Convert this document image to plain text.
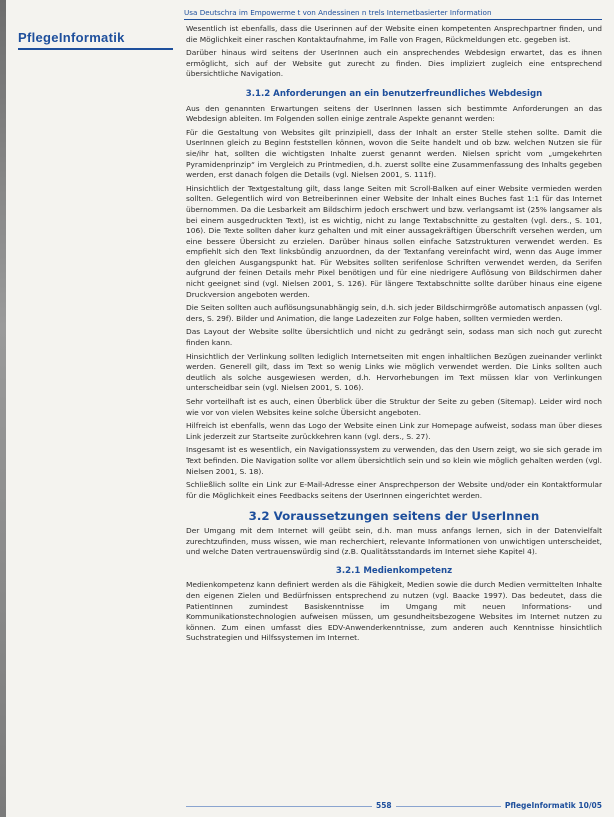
PflegeInformatik
Usa Deutschra im Empowerme t von Andessinen n trels Internetbasierter Information

Wesentlich ist ebenfalls, dass die Userinnen auf der Website einen kompetenten Ansprechpartner finden, und die Möglichkeit einer raschen Kontaktaufnahme, im Falle von Fragen, Rückmeldungen etc. gegeben ist.

Darüber hinaus wird seitens der UserInnen auch ein ansprechendes Webdesign erwartet, das es ihnen ermöglicht, sich auf der Website gut zurecht zu finden. Dies impliziert zugleich eine entsprechend übersichtliche Navigation.

3.1.2 Anforderungen an ein benutzerfreundliches Webdesign

Aus den genannten Erwartungen seitens der UserInnen lassen sich bestimmte Anforderungen an das Webdesign ableiten. Im Folgenden sollen einige zentrale Aspekte genannt werden:

Für die Gestaltung von Websites gilt prinzipiell, dass der Inhalt an erster Stelle stehen sollte. Damit die UserInnen gleich zu Beginn feststellen können, wovon die Seite handelt und ob bzw. welchen Nutzen sie für sie/ihr hat, sollten die wichtigsten Inhalte zuerst genannt werden. Nielsen spricht vom „umgekehrten Pyramidenprinzip“ im Vergleich zu Printmedien, d.h. zuerst sollte eine Zusammenfassung des Inhalts gegeben werden, erst danach folgen die Details (vgl. Nielsen 2001, S. 111f).

Hinsichtlich der Textgestaltung gilt, dass lange Seiten mit Scroll-Balken auf einer Website vermieden werden sollten. Gelegentlich wird von Betreiberinnen einer Website der Inhalt eines Buches fast 1:1 für das Internet übernommen. Da die Lesbarkeit am Bildschirm jedoch erschwert und bzw. verlangsamt ist (25% langsamer als bei einem ausgedruckten Text), ist es wichtig, nicht zu lange Textabschnitte zu gestalten (vgl. ders., S. 101, 106). Die Texte sollten daher kurz gehalten und mit einer aussagekräftigen Überschrift versehen werden, um eine bessere Übersicht zu erzielen. Darüber hinaus sollen einfache Satzstrukturen verwendet werden. Es empfiehlt sich den Text linksbündig anzuordnen, da der Textanfang vereinfacht wird, wenn das Auge immer den gleichen Ausgangspunkt hat. Für Websites sollten serifenlose Schriften verwendet werden, da Serifen aufgrund der feinen Details mehr Pixel benötigen und für eine niedrigere Auflösung von Bildschirmen daher nicht geeignet sind (vgl. Nielsen 2001, S. 126). Für längere Textabschnitte sollte darüber hinaus eine eigene Druckversion angeboten werden.

Die Seiten sollten auch auflösungsunabhängig sein, d.h. sich jeder Bildschirmgröße automatisch anpassen (vgl. ders, S. 29f). Bilder und Animation, die lange Ladezeiten zur Folge haben, sollten vermieden werden.

Das Layout der Website sollte übersichtlich und nicht zu gedrängt sein, sodass man sich noch gut zurecht finden kann.

Hinsichtlich der Verlinkung sollten lediglich Internetseiten mit engen inhaltlichen Bezügen zueinander verlinkt werden. Generell gilt, dass im Text so wenig Links wie möglich verwendet werden. Die Links sollten auch deutlich als solche ausgewiesen werden, d.h. Hervorhebungen im Text müssen klar von Verlinkungen unterscheidbar sein (vgl. Nielsen 2001, S. 106).

Sehr vorteilhaft ist es auch, einen Überblick über die Struktur der Seite zu geben (Sitemap). Leider wird noch wie vor von vielen Websites keine solche Übersicht angeboten.

Hilfreich ist ebenfalls, wenn das Logo der Website einen Link zur Homepage aufweist, sodass man über dieses Link jederzeit zur Startseite zurückkehren kann (vgl. ders., S. 27).

Insgesamt ist es wesentlich, ein Navigationssystem zu verwenden, das den Usern zeigt, wo sie sich gerade im Text befinden. Die Navigation sollte vor allem übersichtlich sein und so klein wie möglich gehalten werden (vgl. Nielsen 2001, S. 18).

Schließlich sollte ein Link zur E-Mail-Adresse einer Ansprechperson der Website und/oder ein Kontaktformular für die Möglichkeit eines Feedbacks seitens der UserInnen eingerichtet werden.

3.2 Voraussetzungen seitens der UserInnen

Der Umgang mit dem Internet will geübt sein, d.h. man muss anfangs lernen, sich in der Datenvielfalt zurechtzufinden, muss wissen, wie man recherchiert, relevante Informationen von unwichtigen unterscheidet, und welche Daten vertrauenswürdig sind (z.B. Qualitätsstandards im Internet siehe Kapitel 4).

3.2.1 Medienkompetenz

Medienkompetenz kann definiert werden als die Fähigkeit, Medien sowie die durch Medien vermittelten Inhalte den eigenen Zielen und Bedürfnissen entsprechend zu nutzen (vgl. Baacke 1997). Das bedeutet, dass die PatientInnen zumindest Basiskenntnisse im Umgang mit neuen Informations- und Kommunikationstechnologien aufweisen müssen, um gesundheitsbezogene Websites im Internet nutzen zu können. Zum einen umfasst dies EDV-Anwenderkenntnisse, zum anderen auch Kenntnisse hinsichtlich Suchstrategien und Hilfssystemen im Internet.

558	PflegeInformatik 10/05
